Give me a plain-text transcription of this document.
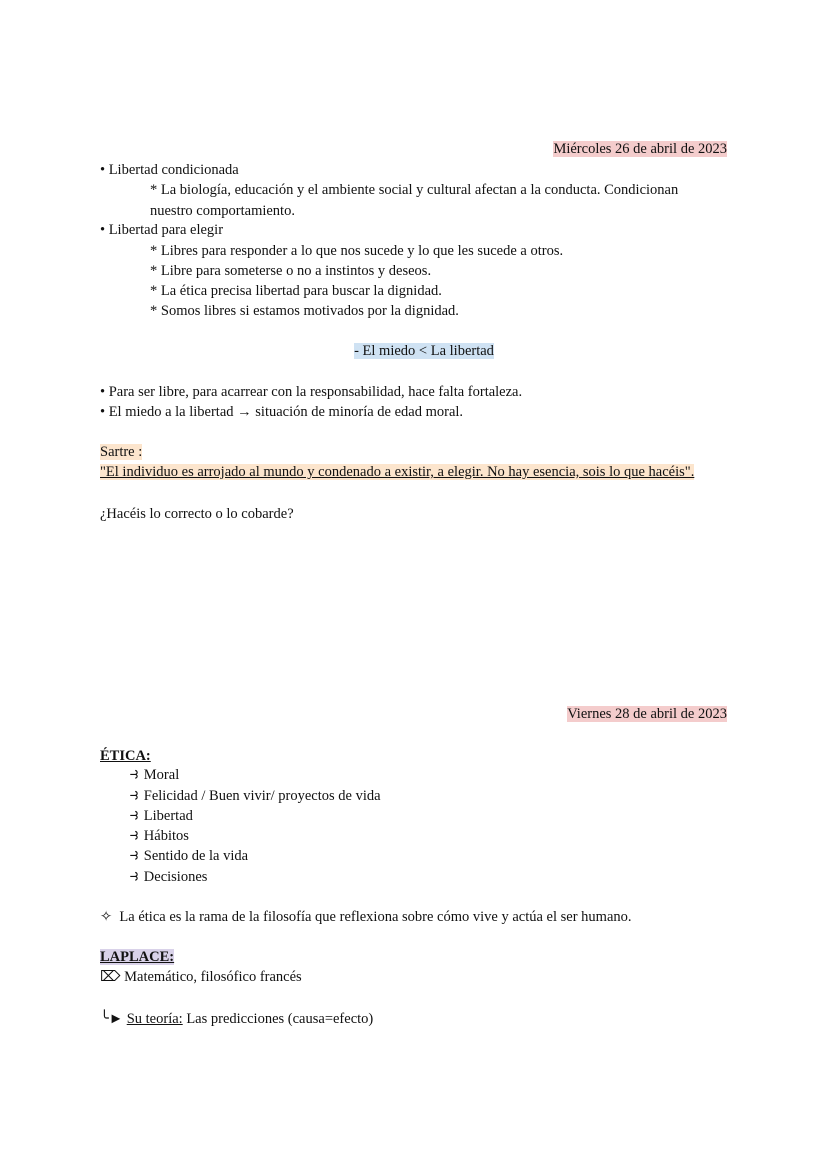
Miércoles 26 de abril de 2023
• Libertad condicionada
* La biología, educación y el ambiente social y cultural afectan a la conducta. Condicionan
nuestro comportamiento.
• Libertad para elegir
* Libres para responder a lo que nos sucede y lo que les sucede a otros.
* Libre para someterse o no a instintos y deseos.
* La ética precisa libertad para buscar la dignidad.
* Somos libres si estamos motivados por la dignidad.
- El miedo < La libertad
• Para ser libre, para acarrear con la responsabilidad, hace falta fortaleza.
• El miedo a la libertad → situación de minoría de edad moral.
Sartre :
"El individuo es arrojado al mundo y condenado a existir, a elegir. No hay esencia, sois lo que hacéis".
¿Hacéis lo correcto o lo cobarde?
Viernes 28 de abril de 2023
ÉTICA:
⥽ Moral
⥽ Felicidad / Buen vivir/ proyectos de vida
⥽ Libertad
⥽ Hábitos
⥽ Sentido de la vida
⥽ Decisiones
✧ La ética es la rama de la filosofía que reflexiona sobre cómo vive y actúa el ser humano.
LAPLACE:
⌦ Matemático, filosófico francés
╰► Su teoría: Las predicciones (causa=efecto)
